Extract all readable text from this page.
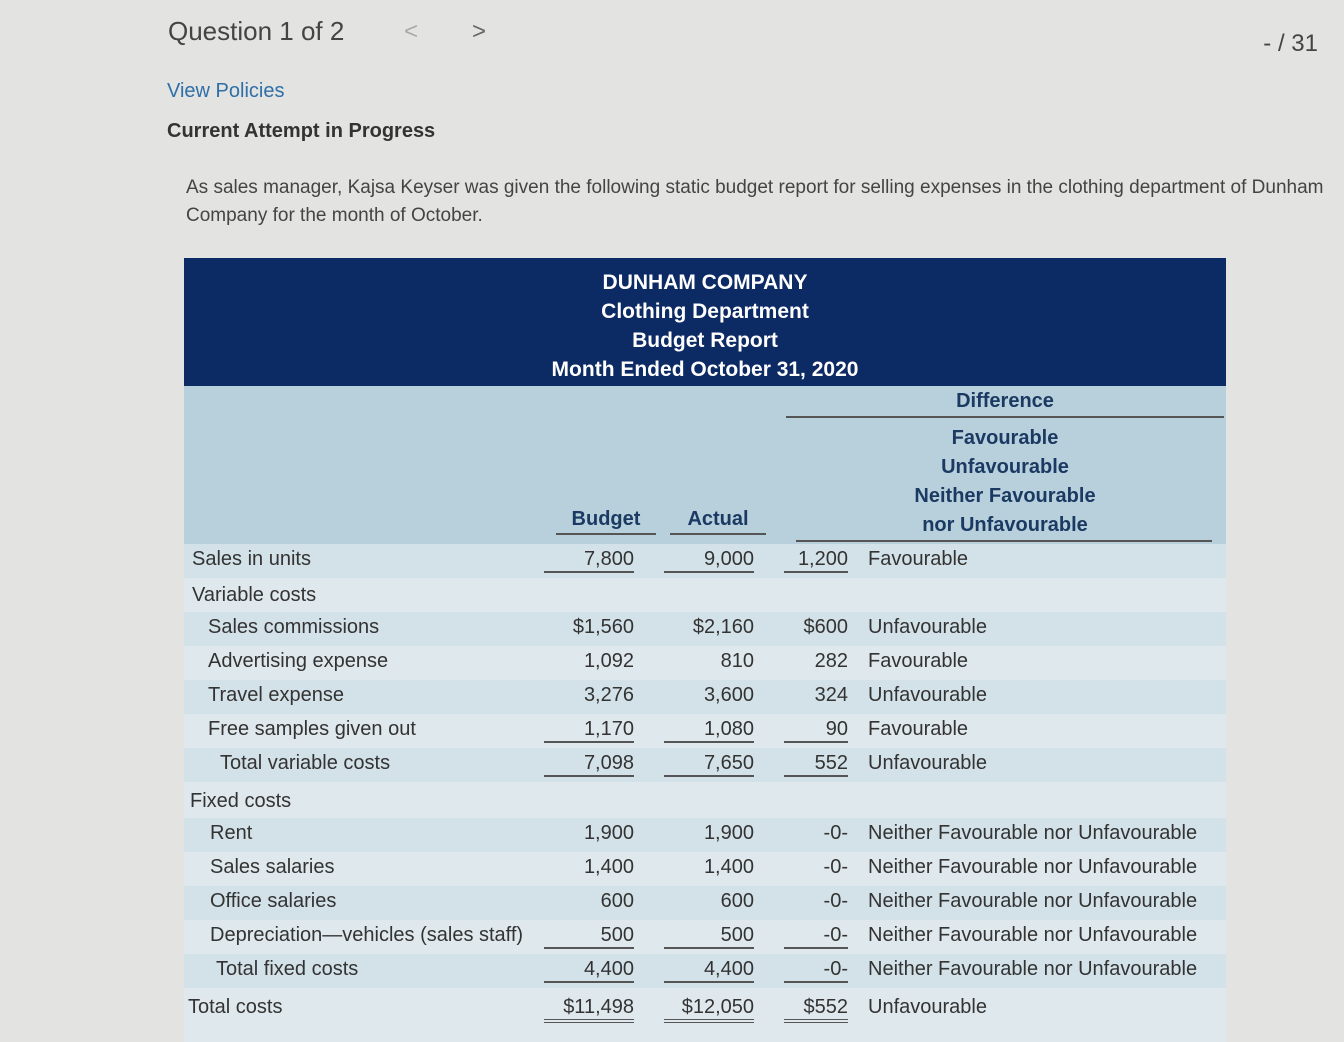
Question 1 of 2 < >	- / 31
View Policies
Current Attempt in Progress
As sales manager, Kajsa Keyser was given the following static budget report for selling expenses in the clothing department of Dunham Company for the month of October.
DUNHAM COMPANY
Clothing Department
Budget Report
Month Ended October 31, 2020
Difference
Favourable
Unfavourable
Neither Favourable
nor Unfavourable
Budget	Actual
Sales in units	7,800	9,000	1,200 Favourable
Variable costs
Sales commissions	$1,560	$2,160	$600 Unfavourable
Advertising expense	1,092	810	282 Favourable
Travel expense	3,276	3,600	324 Unfavourable
Free samples given out	1,170	1,080	90 Favourable
Total variable costs	7,098	7,650	552 Unfavourable
Fixed costs
Rent	1,900	1,900	-0- Neither Favourable nor Unfavourable
Sales salaries	1,400	1,400	-0- Neither Favourable nor Unfavourable
Office salaries	600	600	-0- Neither Favourable nor Unfavourable
Depreciation—vehicles (sales staff)	500	500	-0- Neither Favourable nor Unfavourable
Total fixed costs	4,400	4,400	-0- Neither Favourable nor Unfavourable
Total costs	$11,498	$12,050	$552 Unfavourable
